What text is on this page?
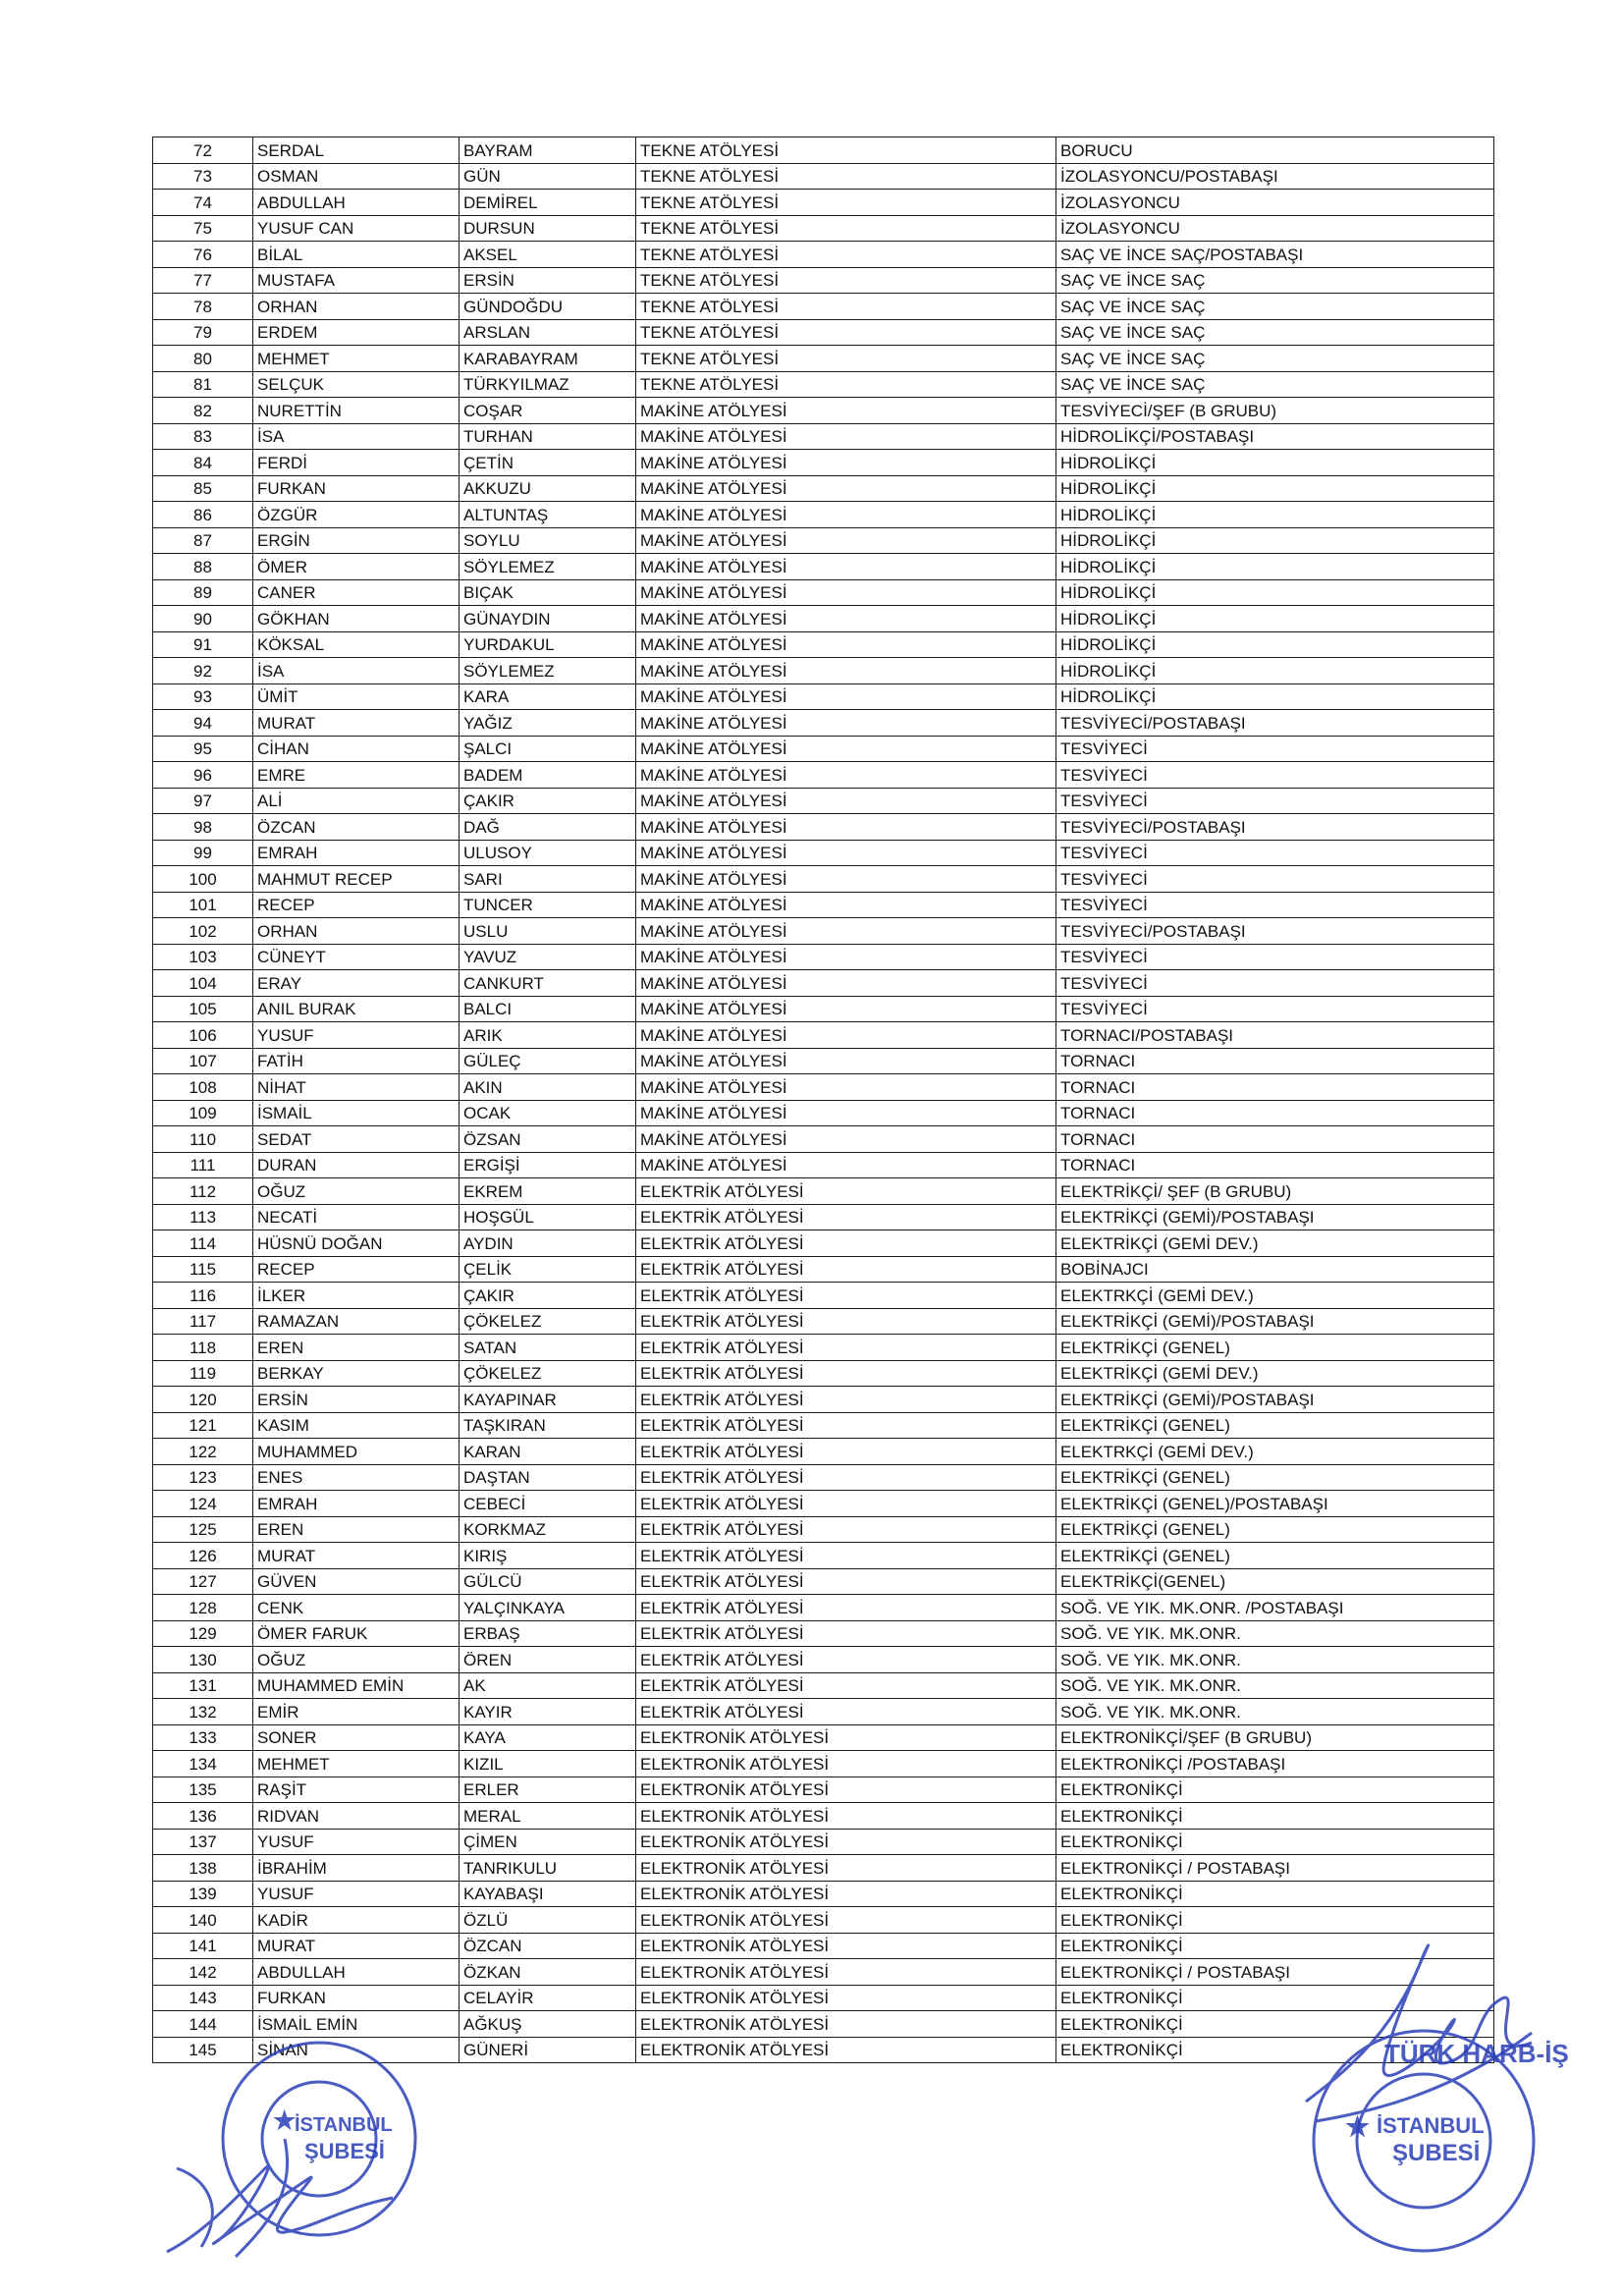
72	SERDAL	BAYRAM	TEKNE ATÖLYESİ	BORUCU
73	OSMAN	GÜN	TEKNE ATÖLYESİ	İZOLASYONCU/POSTABAŞI
74	ABDULLAH	DEMİREL	TEKNE ATÖLYESİ	İZOLASYONCU
75	YUSUF CAN	DURSUN	TEKNE ATÖLYESİ	İZOLASYONCU
76	BİLAL	AKSEL	TEKNE ATÖLYESİ	SAÇ VE İNCE SAÇ/POSTABAŞI
77	MUSTAFA	ERSİN	TEKNE ATÖLYESİ	SAÇ VE İNCE SAÇ
78	ORHAN	GÜNDOĞDU	TEKNE ATÖLYESİ	SAÇ VE İNCE SAÇ
79	ERDEM	ARSLAN	TEKNE ATÖLYESİ	SAÇ VE İNCE SAÇ
80	MEHMET	KARABAYRAM	TEKNE ATÖLYESİ	SAÇ VE İNCE SAÇ
81	SELÇUK	TÜRKYILMAZ	TEKNE ATÖLYESİ	SAÇ VE İNCE SAÇ
82	NURETTİN	COŞAR	MAKİNE ATÖLYESİ	TESVİYECİ/ŞEF (B GRUBU)
83	İSA	TURHAN	MAKİNE ATÖLYESİ	HİDROLİKÇİ/POSTABAŞI
84	FERDİ	ÇETİN	MAKİNE ATÖLYESİ	HİDROLİKÇİ
85	FURKAN	AKKUZU	MAKİNE ATÖLYESİ	HİDROLİKÇİ
86	ÖZGÜR	ALTUNTAŞ	MAKİNE ATÖLYESİ	HİDROLİKÇİ
87	ERGİN	SOYLU	MAKİNE ATÖLYESİ	HİDROLİKÇİ
88	ÖMER	SÖYLEMEZ	MAKİNE ATÖLYESİ	HİDROLİKÇİ
89	CANER	BIÇAK	MAKİNE ATÖLYESİ	HİDROLİKÇİ
90	GÖKHAN	GÜNAYDIN	MAKİNE ATÖLYESİ	HİDROLİKÇİ
91	KÖKSAL	YURDAKUL	MAKİNE ATÖLYESİ	HİDROLİKÇİ
92	İSA	SÖYLEMEZ	MAKİNE ATÖLYESİ	HİDROLİKÇİ
93	ÜMİT	KARA	MAKİNE ATÖLYESİ	HİDROLİKÇİ
94	MURAT	YAĞIZ	MAKİNE ATÖLYESİ	TESVİYECİ/POSTABAŞI
95	CİHAN	ŞALCI	MAKİNE ATÖLYESİ	TESVİYECİ
96	EMRE	BADEM	MAKİNE ATÖLYESİ	TESVİYECİ
97	ALİ	ÇAKIR	MAKİNE ATÖLYESİ	TESVİYECİ
98	ÖZCAN	DAĞ	MAKİNE ATÖLYESİ	TESVİYECİ/POSTABAŞI
99	EMRAH	ULUSOY	MAKİNE ATÖLYESİ	TESVİYECİ
100	MAHMUT RECEP	SARI	MAKİNE ATÖLYESİ	TESVİYECİ
101	RECEP	TUNCER	MAKİNE ATÖLYESİ	TESVİYECİ
102	ORHAN	USLU	MAKİNE ATÖLYESİ	TESVİYECİ/POSTABAŞI
103	CÜNEYT	YAVUZ	MAKİNE ATÖLYESİ	TESVİYECİ
104	ERAY	CANKURT	MAKİNE ATÖLYESİ	TESVİYECİ
105	ANIL BURAK	BALCI	MAKİNE ATÖLYESİ	TESVİYECİ
106	YUSUF	ARIK	MAKİNE ATÖLYESİ	TORNACI/POSTABAŞI
107	FATİH	GÜLEÇ	MAKİNE ATÖLYESİ	TORNACI
108	NİHAT	AKIN	MAKİNE ATÖLYESİ	TORNACI
109	İSMAİL	OCAK	MAKİNE ATÖLYESİ	TORNACI
110	SEDAT	ÖZSAN	MAKİNE ATÖLYESİ	TORNACI
111	DURAN	ERGİŞİ	MAKİNE ATÖLYESİ	TORNACI
112	OĞUZ	EKREM	ELEKTRİK ATÖLYESİ	ELEKTRİKÇİ/ ŞEF (B GRUBU)
113	NECATİ	HOŞGÜL	ELEKTRİK ATÖLYESİ	ELEKTRİKÇİ (GEMİ)/POSTABAŞI
114	HÜSNÜ DOĞAN	AYDIN	ELEKTRİK ATÖLYESİ	ELEKTRİKÇİ (GEMİ DEV.)
115	RECEP	ÇELİK	ELEKTRİK ATÖLYESİ	BOBİNAJCI
116	İLKER	ÇAKIR	ELEKTRİK ATÖLYESİ	ELEKTRKÇİ (GEMİ DEV.)
117	RAMAZAN	ÇÖKELEZ	ELEKTRİK ATÖLYESİ	ELEKTRİKÇİ (GEMİ)/POSTABAŞI
118	EREN	SATAN	ELEKTRİK ATÖLYESİ	ELEKTRİKÇİ (GENEL)
119	BERKAY	ÇÖKELEZ	ELEKTRİK ATÖLYESİ	ELEKTRİKÇİ (GEMİ DEV.)
120	ERSİN	KAYAPINAR	ELEKTRİK ATÖLYESİ	ELEKTRİKÇİ (GEMİ)/POSTABAŞI
121	KASIM	TAŞKIRAN	ELEKTRİK ATÖLYESİ	ELEKTRİKÇİ (GENEL)
122	MUHAMMED	KARAN	ELEKTRİK ATÖLYESİ	ELEKTRKÇİ (GEMİ DEV.)
123	ENES	DAŞTAN	ELEKTRİK ATÖLYESİ	ELEKTRİKÇİ (GENEL)
124	EMRAH	CEBECİ	ELEKTRİK ATÖLYESİ	ELEKTRİKÇİ (GENEL)/POSTABAŞI
125	EREN	KORKMAZ	ELEKTRİK ATÖLYESİ	ELEKTRİKÇİ (GENEL)
126	MURAT	KIRIŞ	ELEKTRİK ATÖLYESİ	ELEKTRİKÇİ (GENEL)
127	GÜVEN	GÜLCÜ	ELEKTRİK ATÖLYESİ	ELEKTRİKÇİ(GENEL)
128	CENK	YALÇINKAYA	ELEKTRİK ATÖLYESİ	SOĞ. VE YIK. MK.ONR. /POSTABAŞI
129	ÖMER FARUK	ERBAŞ	ELEKTRİK ATÖLYESİ	SOĞ. VE YIK. MK.ONR.
130	OĞUZ	ÖREN	ELEKTRİK ATÖLYESİ	SOĞ. VE YIK. MK.ONR.
131	MUHAMMED EMİN	AK	ELEKTRİK ATÖLYESİ	SOĞ. VE YIK. MK.ONR.
132	EMİR	KAYIR	ELEKTRİK ATÖLYESİ	SOĞ. VE YIK. MK.ONR.
133	SONER	KAYA	ELEKTRONİK ATÖLYESİ	ELEKTRONİKÇİ/ŞEF (B GRUBU)
134	MEHMET	KIZIL	ELEKTRONİK ATÖLYESİ	ELEKTRONİKÇİ /POSTABAŞI
135	RAŞİT	ERLER	ELEKTRONİK ATÖLYESİ	ELEKTRONİKÇİ
136	RIDVAN	MERAL	ELEKTRONİK ATÖLYESİ	ELEKTRONİKÇİ
137	YUSUF	ÇİMEN	ELEKTRONİK ATÖLYESİ	ELEKTRONİKÇİ
138	İBRAHİM	TANRIKULU	ELEKTRONİK ATÖLYESİ	ELEKTRONİKÇİ / POSTABAŞI
139	YUSUF	KAYABAŞI	ELEKTRONİK ATÖLYESİ	ELEKTRONİKÇİ
140	KADİR	ÖZLÜ	ELEKTRONİK ATÖLYESİ	ELEKTRONİKÇİ
141	MURAT	ÖZCAN	ELEKTRONİK ATÖLYESİ	ELEKTRONİKÇİ
142	ABDULLAH	ÖZKAN	ELEKTRONİK ATÖLYESİ	ELEKTRONİKÇİ / POSTABAŞI
143	FURKAN	CELAYİR	ELEKTRONİK ATÖLYESİ	ELEKTRONİKÇİ
144	İSMAİL EMİN	AĞKUŞ	ELEKTRONİK ATÖLYESİ	ELEKTRONİKÇİ
145	SİNAN	GÜNERİ	ELEKTRONİK ATÖLYESİ	ELEKTRONİKÇİ
★
İSTANBUL
ŞUBESİ
★ İSTANBUL
ŞUBESİ
TÜRK HARB-İŞ
